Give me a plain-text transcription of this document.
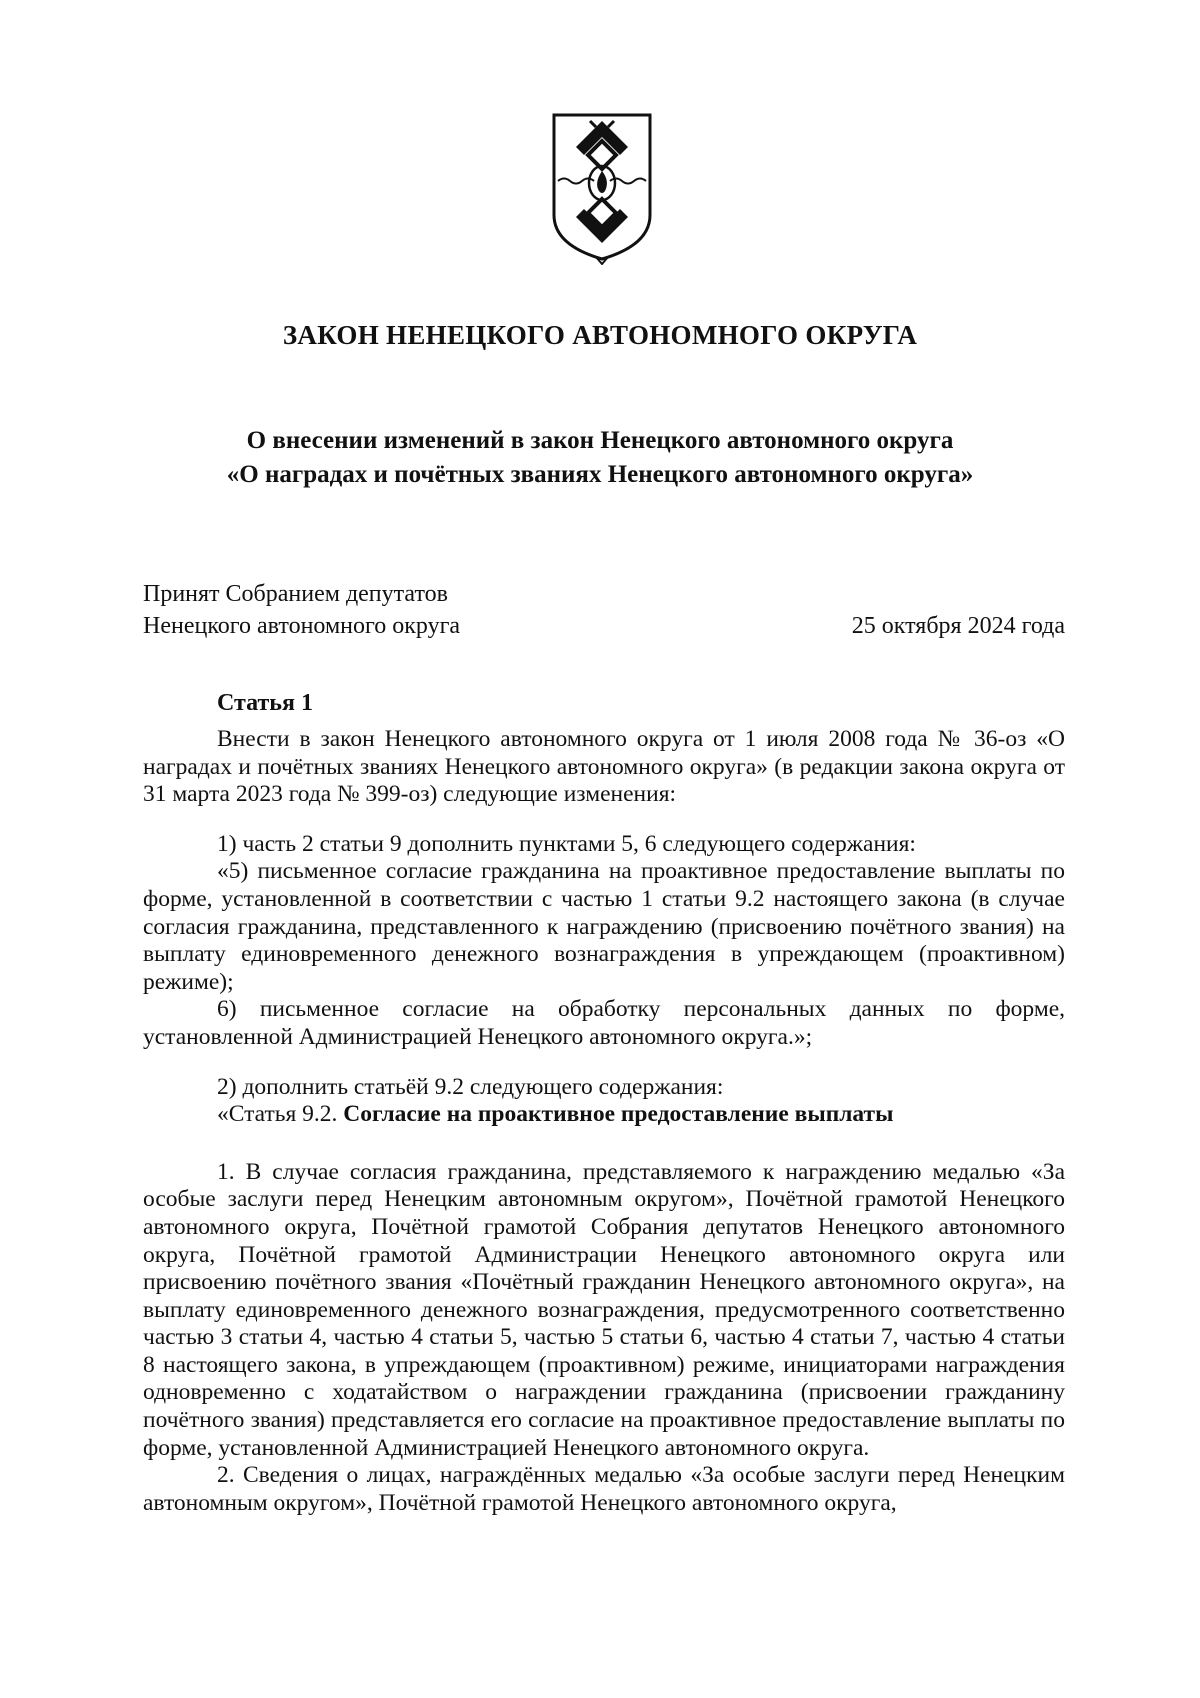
ЗАКОН НЕНЕЦКОГО АВТОНОМНОГО ОКРУГА
О внесении изменений в закон Ненецкого автономного округа
«О наградах и почётных званиях Ненецкого автономного округа»
Принят Собранием депутатов
Ненецкого автономного округа	25 октября 2024 года
Статья 1

Внести в закон Ненецкого автономного округа от 1 июля 2008 года № 36-оз «О наградах и почётных званиях Ненецкого автономного округа» (в редакции закона округа от 31 марта 2023 года № 399-оз) следующие изменения:

1) часть 2 статьи 9 дополнить пунктами 5, 6 следующего содержания:

«5) письменное согласие гражданина на проактивное предоставление выплаты по форме, установленной в соответствии с частью 1 статьи 9.2 настоящего закона (в случае согласия гражданина, представленного к награждению (присвоению почётного звания) на выплату единовременного денежного вознаграждения в упреждающем (проактивном) режиме);

6) письменное согласие на обработку персональных данных по форме, установленной Администрацией Ненецкого автономного округа.»;

2) дополнить статьёй 9.2 следующего содержания:

«Статья 9.2. Согласие на проактивное предоставление выплаты

1. В случае согласия гражданина, представляемого к награждению медалью «За особые заслуги перед Ненецким автономным округом», Почётной грамотой Ненецкого автономного округа, Почётной грамотой Собрания депутатов Ненецкого автономного округа, Почётной грамотой Администрации Ненецкого автономного округа или присвоению почётного звания «Почётный гражданин Ненецкого автономного округа», на выплату единовременного денежного вознаграждения, предусмотренного соответственно частью 3 статьи 4, частью 4 статьи 5, частью 5 статьи 6, частью 4 статьи 7, частью 4 статьи 8 настоящего закона, в упреждающем (проактивном) режиме, инициаторами награждения одновременно с ходатайством о награждении гражданина (присвоении гражданину почётного звания) представляется его согласие на проактивное предоставление выплаты по форме, установленной Администрацией Ненецкого автономного округа.

2. Сведения о лицах, награждённых медалью «За особые заслуги перед Ненецким автономным округом», Почётной грамотой Ненецкого автономного округа,
